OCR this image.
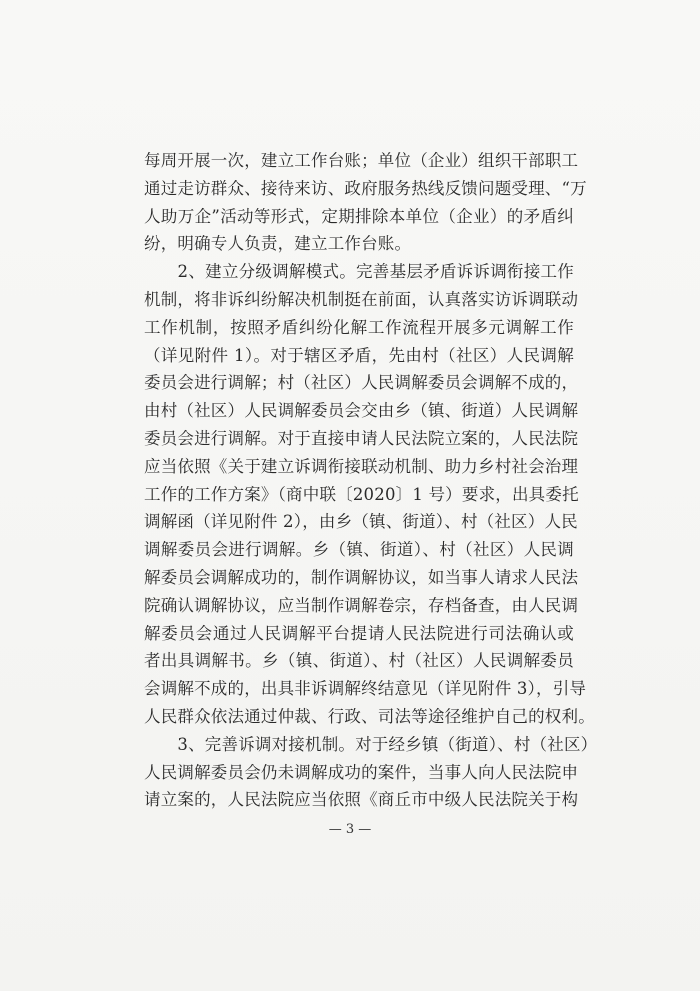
每周开展一次，建立工作台账；单位（企业）组织干部职工
通过走访群众、接待来访、政府服务热线反馈问题受理、“万
人助万企”活动等形式，定期排除本单位（企业）的矛盾纠
纷，明确专人负责，建立工作台账。
　　2、建立分级调解模式。完善基层矛盾诉诉调衔接工作
机制，将非诉纠纷解决机制挺在前面，认真落实访诉调联动
工作机制，按照矛盾纠纷化解工作流程开展多元调解工作
（详见附件 1）。对于辖区矛盾，先由村（社区）人民调解
委员会进行调解；村（社区）人民调解委员会调解不成的，
由村（社区）人民调解委员会交由乡（镇、街道）人民调解
委员会进行调解。对于直接申请人民法院立案的，人民法院
应当依照《关于建立诉调衔接联动机制、助力乡村社会治理
工作的工作方案》（商中联〔2020〕1 号）要求，出具委托
调解函（详见附件 2），由乡（镇、街道）、村（社区）人民
调解委员会进行调解。乡（镇、街道）、村（社区）人民调
解委员会调解成功的，制作调解协议，如当事人请求人民法
院确认调解协议，应当制作调解卷宗，存档备查，由人民调
解委员会通过人民调解平台提请人民法院进行司法确认或
者出具调解书。乡（镇、街道）、村（社区）人民调解委员
会调解不成的，出具非诉调解终结意见（详见附件 3），引导
人民群众依法通过仲裁、行政、司法等途径维护自己的权利。
　　3、完善诉调对接机制。对于经乡镇（街道）、村（社区）
人民调解委员会仍未调解成功的案件，当事人向人民法院申
请立案的，人民法院应当依照《商丘市中级人民法院关于构
— 3 —
